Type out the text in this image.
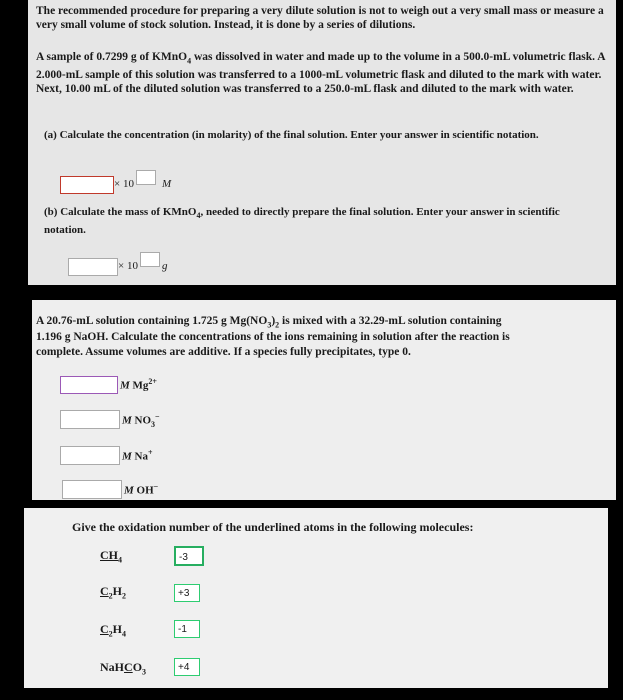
The recommended procedure for preparing a very dilute solution is not to weigh out a very small mass or measure a very small volume of stock solution. Instead, it is done by a series of dilutions.
A sample of 0.7299 g of KMnO$_4$ was dissolved in water and made up to the volume in a 500.0-mL volumetric flask. A 2.000-mL sample of this solution was transferred to a 1000-mL volumetric flask and diluted to the mark with water. Next, 10.00 mL of the diluted solution was transferred to a 250.0-mL flask and diluted to the mark with water.
(a) Calculate the concentration (in molarity) of the final solution. Enter your answer in scientific notation.
× 10	M
(b) Calculate the mass of KMnO$_4$, needed to directly prepare the final solution. Enter your answer in scientific notation.
× 10 g
A 20.76-mL solution containing 1.725 g $Mg(NO_3)_2$ is mixed with a 32.29-mL solution containing
1.196 g NaOH. Calculate the concentrations of the ions remaining in solution after the reaction is
complete. Assume volumes are additive. If a species fully precipitates, type 0.
M $Mg^{2+}$
M $NO_3^-$
M Na+
M OH−
Give the oxidation number of the underlined atoms in the following molecules:
$CH_4$	-3
$C_2H_2$	+3
$C_2H_4$	-1
NaHCO$_3$	+4
